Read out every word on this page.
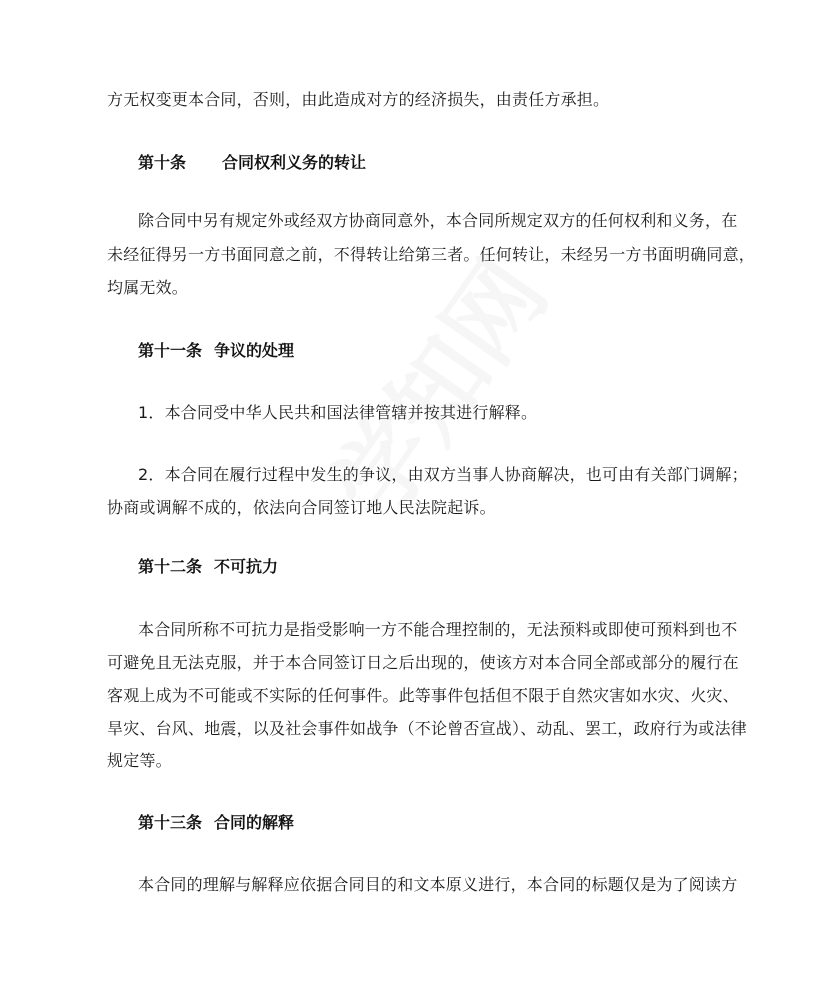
方无权变更本合同，否则，由此造成对方的经济损失，由责任方承担。
第十条 合同权利义务的转让
除合同中另有规定外或经双方协商同意外，本合同所规定双方的任何权利和义务，在
未经征得另一方书面同意之前，不得转让给第三者。任何转让，未经另一方书面明确同意，
均属无效。
第十一条 争议的处理
1．本合同受中华人民共和国法律管辖并按其进行解释。
2．本合同在履行过程中发生的争议，由双方当事人协商解决，也可由有关部门调解；
协商或调解不成的，依法向合同签订地人民法院起诉。
第十二条 不可抗力
本合同所称不可抗力是指受影响一方不能合理控制的，无法预料或即使可预料到也不
可避免且无法克服，并于本合同签订日之后出现的，使该方对本合同全部或部分的履行在
客观上成为不可能或不实际的任何事件。此等事件包括但不限于自然灾害如水灾、火灾、
旱灾、台风、地震，以及社会事件如战争（不论曾否宣战）、动乱、罢工，政府行为或法律
规定等。
第十三条 合同的解释
本合同的理解与解释应依据合同目的和文本原义进行，本合同的标题仅是为了阅读方
